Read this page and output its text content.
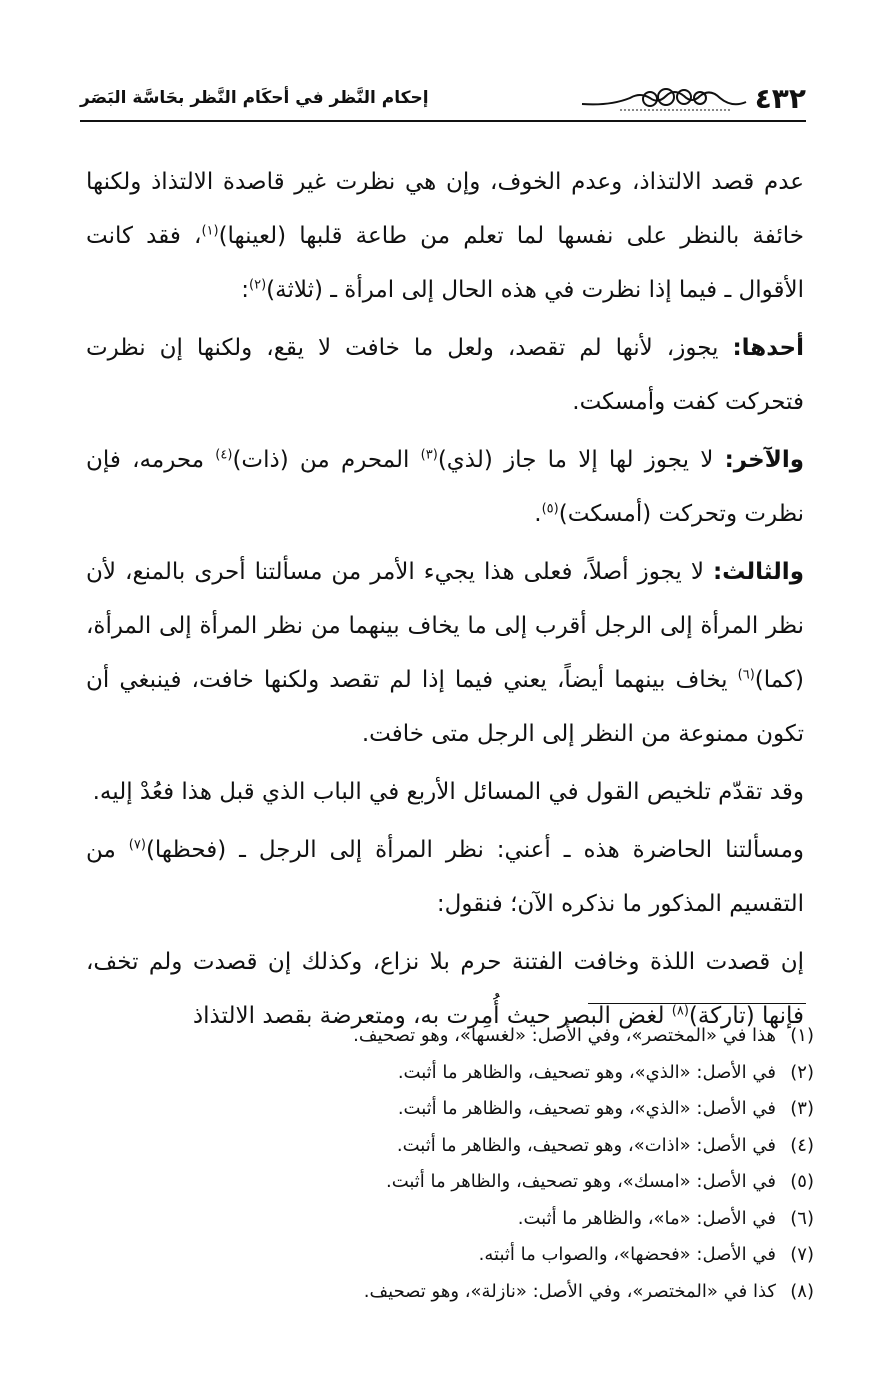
٤٣٢
إحكام النَّظر في أحكَام النَّظر بحَاسَّة البَصَر

عدم قصد الالتذاذ، وعدم الخوف، وإن هي نظرت غير قاصدة الالتذاذ ولكنها خائفة بالنظر على نفسها لما تعلم من طاعة قلبها (لعينها)$^{(١)}$، فقد كانت الأقوال ـ فيما إذا نظرت في هذه الحال إلى امرأة ـ (ثلاثة)$^{(٢)}$:

أحدها: يجوز، لأنها لم تقصد، ولعل ما خافت لا يقع، ولكنها إن نظرت فتحركت كفت وأمسكت.

والآخر: لا يجوز لها إلا ما جاز (لذي)$^{(٣)}$ المحرم من (ذات)$^{(٤)}$ محرمه، فإن نظرت وتحركت (أمسكت)$^{(٥)}$.

والثالث: لا يجوز أصلاً، فعلى هذا يجيء الأمر من مسألتنا أحرى بالمنع، لأن نظر المرأة إلى الرجل أقرب إلى ما يخاف بينهما من نظر المرأة إلى المرأة، (كما)$^{(٦)}$ يخاف بينهما أيضاً، يعني فيما إذا لم تقصد ولكنها خافت، فينبغي أن تكون ممنوعة من النظر إلى الرجل متى خافت.

وقد تقدّم تلخيص القول في المسائل الأربع في الباب الذي قبل هذا فعُدْ إليه.

ومسألتنا الحاضرة هذه ـ أعني: نظر المرأة إلى الرجل ـ (فحظها)$^{(٧)}$ من التقسيم المذكور ما نذكره الآن؛ فنقول:

إن قصدت اللذة وخافت الفتنة حرم بلا نزاع، وكذلك إن قصدت ولم تخف، فإنها (تاركة)$^{(٨)}$ لغض البصر حيث أُمِرت به، ومتعرضة بقصد الالتذاذ

(١)هذا في «المختصر»، وفي الأصل: «لغسها»، وهو تصحيف.
(٢)في الأصل: «الذي»، وهو تصحيف، والظاهر ما أثبت.
(٣)في الأصل: «الذي»، وهو تصحيف، والظاهر ما أثبت.
(٤)في الأصل: «اذات»، وهو تصحيف، والظاهر ما أثبت.
(٥)في الأصل: «امسك»، وهو تصحيف، والظاهر ما أثبت.
(٦)في الأصل: «ما»، والظاهر ما أثبت.
(٧)في الأصل: «فحضها»، والصواب ما أثبته.
(٨)كذا في «المختصر»، وفي الأصل: «نازلة»، وهو تصحيف.
